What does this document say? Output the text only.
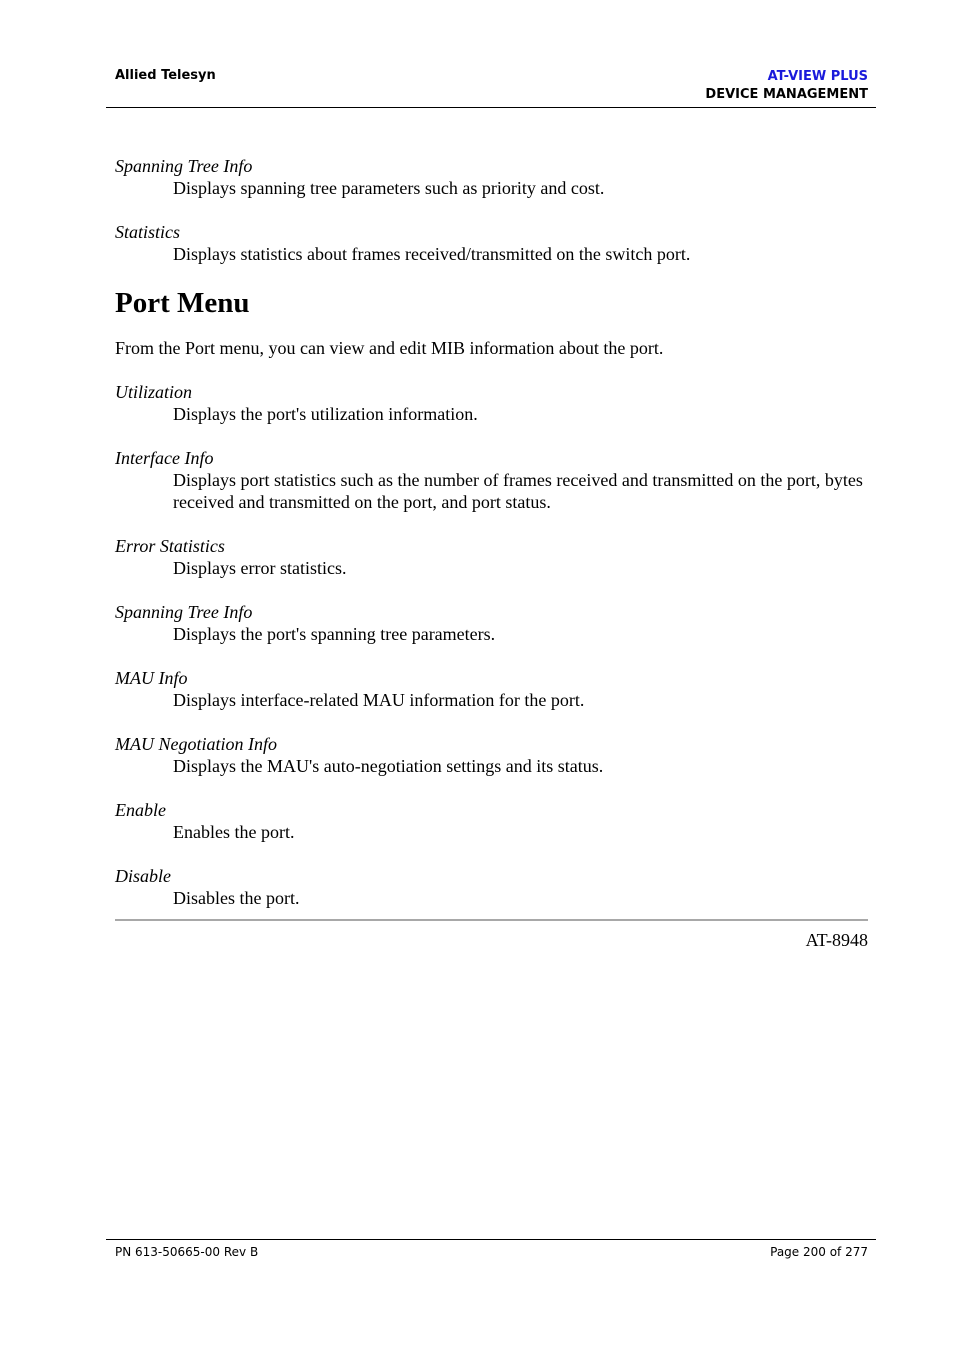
Allied Telesyn	AT-VIEW PLUS
DEVICE MANAGEMENT

Spanning Tree Info

Displays spanning tree parameters such as priority and cost.

Statistics

Displays statistics about frames received/transmitted on the switch port.

Port Menu

From the Port menu, you can view and edit MIB information about the port.

Utilization

Displays the port's utilization information.

Interface Info

Displays port statistics such as the number of frames received and transmitted on the port, bytes received and transmitted on the port, and port status.

Error Statistics

Displays error statistics.

Spanning Tree Info

Displays the port's spanning tree parameters.

MAU Info

Displays interface-related MAU information for the port.

MAU Negotiation Info

Displays the MAU's auto-negotiation settings and its status.

Enable

Enables the port.

Disable

Disables the port.

AT-8948
PN 613-50665-00 Rev B	Page 200 of 277
